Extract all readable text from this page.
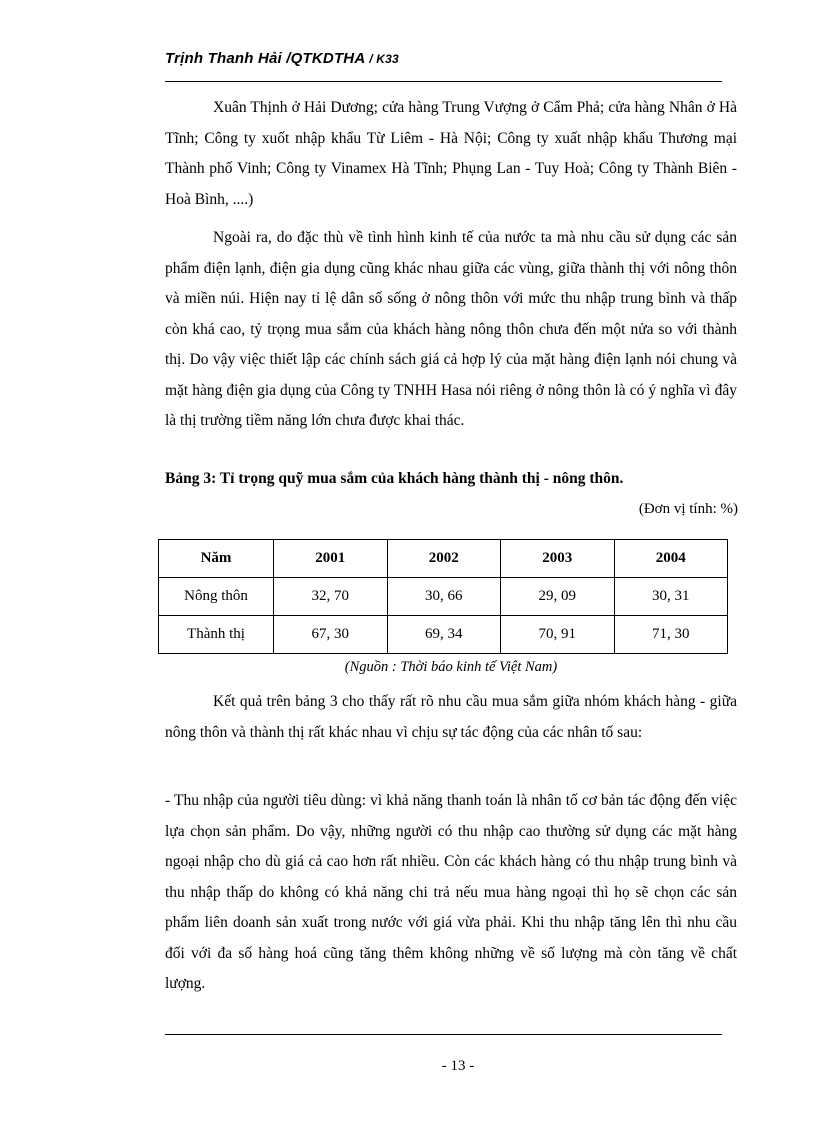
Trịnh Thanh Hải /QTKDTHA / K33

Xuân Thịnh ở Hải Dương; cửa hàng Trung Vượng ở Cẩm Phả; cửa hàng Nhân ở Hà Tĩnh; Công ty xuốt nhập khẩu Từ Liêm - Hà Nội; Công ty xuất nhập khẩu Thương mại Thành phố Vinh; Công ty Vinamex Hà Tĩnh; Phụng Lan - Tuy Hoà; Công ty Thành Biên - Hoà Bình, ....)

Ngoài ra, do đặc thù về tình hình kinh tế của nước ta mà nhu cầu sử dụng các sản phẩm điện lạnh, điện gia dụng cũng khác nhau giữa các vùng, giữa thành thị với nông thôn và miền núi. Hiện nay tỉ lệ dân số sống ở nông thôn với mức thu nhập trung bình và thấp còn khá cao, tỷ trọng mua sắm của khách hàng nông thôn chưa đến một nửa so với thành thị. Do vậy việc thiết lập các chính sách giá cả hợp lý của mặt hàng điện lạnh nói chung và mặt hàng điện gia dụng của Công ty TNHH Hasa nói riêng ở nông thôn là có ý nghĩa vì đây là thị trường tiềm năng lớn chưa được khai thác.

Bảng 3: Tỉ trọng quỹ mua sắm của khách hàng thành thị - nông thôn.

(Đơn vị tính: %)

Năm	2001	2002	2003	2004
Nông thôn	32, 70	30, 66	29, 09	30, 31
Thành thị	67, 30	69, 34	70, 91	71, 30

(Nguồn : Thời báo kinh tế Việt Nam)

Kết quả trên bảng 3 cho thấy rất rõ nhu cầu mua sắm giữa nhóm khách hàng - giữa nông thôn và thành thị rất khác nhau vì chịu sự tác động của các nhân tố sau:

- Thu nhập của người tiêu dùng: vì khả năng thanh toán là nhân tố cơ bản tác động đến việc lựa chọn sản phẩm. Do vậy, những người có thu nhập cao thường sử dụng các mặt hàng ngoại nhập cho dù giá cả cao hơn rất nhiều. Còn các khách hàng có thu nhập trung bình và thu nhập thấp do không có khả năng chi trả nếu mua hàng ngoại thì họ sẽ chọn các sản phẩm liên doanh sản xuất trong nước với giá vừa phải. Khi thu nhập tăng lên thì nhu cầu đối với đa số hàng hoá cũng tăng thêm không những về số lượng mà còn tăng về chất lượng.

- 13 -
